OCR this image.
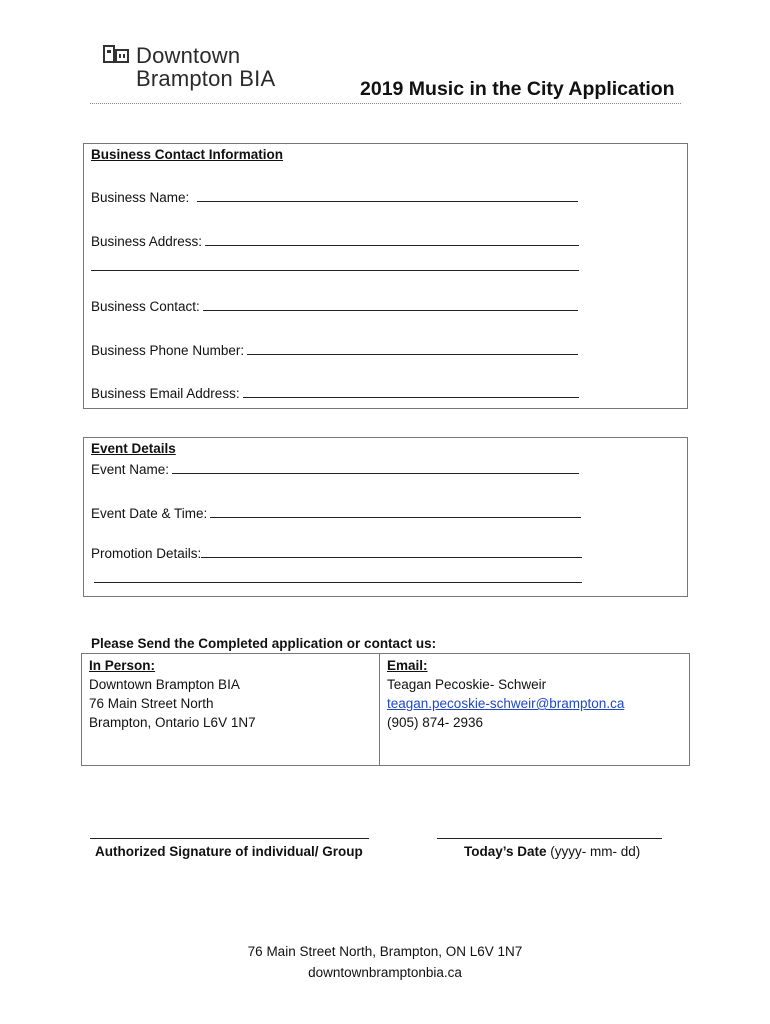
Downtown
Brampton BIA	2019 Music in the City Application
Business Contact Information
Business Name:
Business Address:
Business Contact:
Business Phone Number:
Business Email Address:
Event Details
Event Name:
Event Date & Time:
Promotion Details:
Please Send the Completed application or contact us:
In Person:
Downtown Brampton BIA
76 Main Street North
Brampton, Ontario L6V 1N7
Email:
Teagan Pecoskie- Schweir
teagan.pecoskie-schweir@brampton.ca
(905) 874- 2936
Authorized Signature of individual/ Group	Today’s Date (yyyy- mm- dd)
76 Main Street North, Brampton, ON L6V 1N7
downtownbramptonbia.ca
